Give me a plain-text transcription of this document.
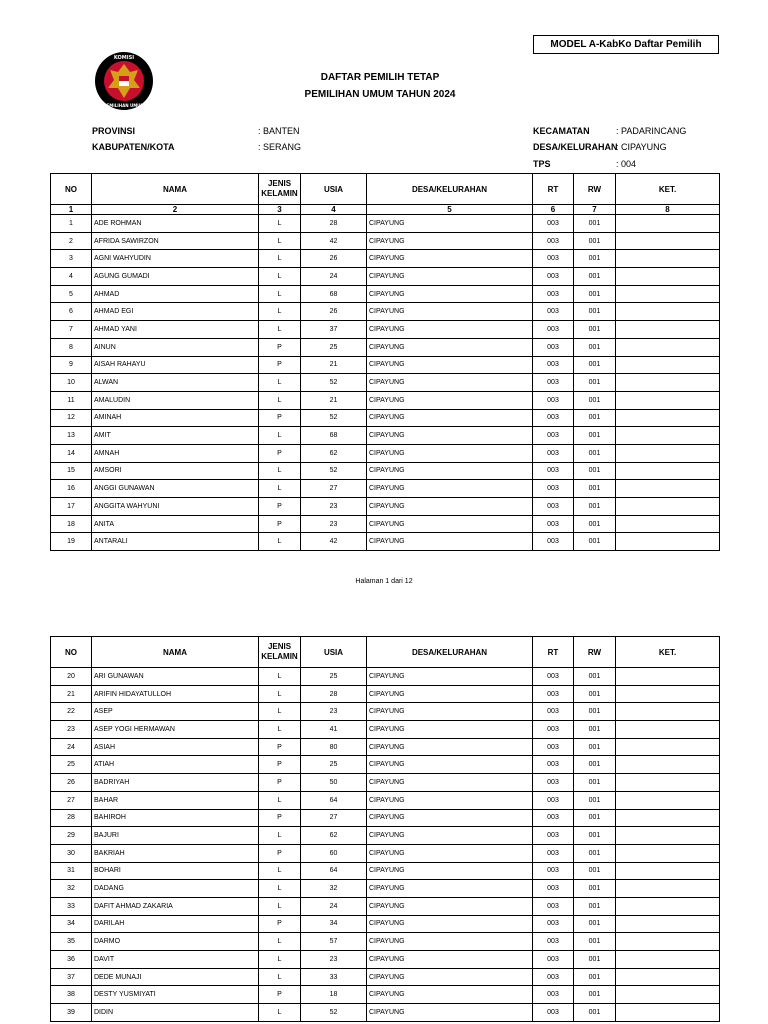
MODEL A-KabKo Daftar Pemilih
KOMISI
PEMILIHAN UMUM
DAFTAR PEMILIH TETAP
PEMILIHAN UMUM TAHUN 2024
PROVINSI	: BANTEN
KABUPATEN/KOTA	: SERANG
KECAMATAN	: PADARINCANG
DESA/KELURAHAN
: CIPAYUNG
TPS	: 004
NO	NAMA	JENIS
KELAMIN	USIA	DESA/KELURAHAN	RT	RW	KET.
1	2	3	4	5	6	7	8
1	ADE ROHMAN	L	28	CIPAYUNG	003	001	
2	AFRIDA SAWIRZON	L	42	CIPAYUNG	003	001	
3	AGNI WAHYUDIN	L	26	CIPAYUNG	003	001	
4	AGUNG GUMADI	L	24	CIPAYUNG	003	001	
5	AHMAD	L	68	CIPAYUNG	003	001	
6	AHMAD EGI	L	26	CIPAYUNG	003	001	
7	AHMAD YANI	L	37	CIPAYUNG	003	001	
8	AINUN	P	25	CIPAYUNG	003	001	
9	AISAH RAHAYU	P	21	CIPAYUNG	003	001	
10	ALWAN	L	52	CIPAYUNG	003	001	
11	AMALUDIN	L	21	CIPAYUNG	003	001	
12	AMINAH	P	52	CIPAYUNG	003	001	
13	AMIT	L	68	CIPAYUNG	003	001	
14	AMNAH	P	62	CIPAYUNG	003	001	
15	AMSORI	L	52	CIPAYUNG	003	001	
16	ANGGI GUNAWAN	L	27	CIPAYUNG	003	001	
17	ANGGITA WAHYUNI	P	23	CIPAYUNG	003	001	
18	ANITA	P	23	CIPAYUNG	003	001	
19	ANTARALI	L	42	CIPAYUNG	003	001	
Halaman 1 dari 12
NO	NAMA	JENIS
KELAMIN	USIA	DESA/KELURAHAN	RT	RW	KET.
20	ARI GUNAWAN	L	25	CIPAYUNG	003	001	
21	ARIFIN HIDAYATULLOH	L	28	CIPAYUNG	003	001	
22	ASEP	L	23	CIPAYUNG	003	001	
23	ASEP YOGI HERMAWAN	L	41	CIPAYUNG	003	001	
24	ASIAH	P	80	CIPAYUNG	003	001	
25	ATIAH	P	25	CIPAYUNG	003	001	
26	BADRIYAH	P	50	CIPAYUNG	003	001	
27	BAHAR	L	64	CIPAYUNG	003	001	
28	BAHIROH	P	27	CIPAYUNG	003	001	
29	BAJURI	L	62	CIPAYUNG	003	001	
30	BAKRIAH	P	60	CIPAYUNG	003	001	
31	BOHARI	L	64	CIPAYUNG	003	001	
32	DADANG	L	32	CIPAYUNG	003	001	
33	DAFIT AHMAD ZAKARIA	L	24	CIPAYUNG	003	001	
34	DARILAH	P	34	CIPAYUNG	003	001	
35	DARMO	L	57	CIPAYUNG	003	001	
36	DAVIT	L	23	CIPAYUNG	003	001	
37	DEDE MUNAJI	L	33	CIPAYUNG	003	001	
38	DESTY YUSMIYATI	P	18	CIPAYUNG	003	001	
39	DIDIN	L	52	CIPAYUNG	003	001	
